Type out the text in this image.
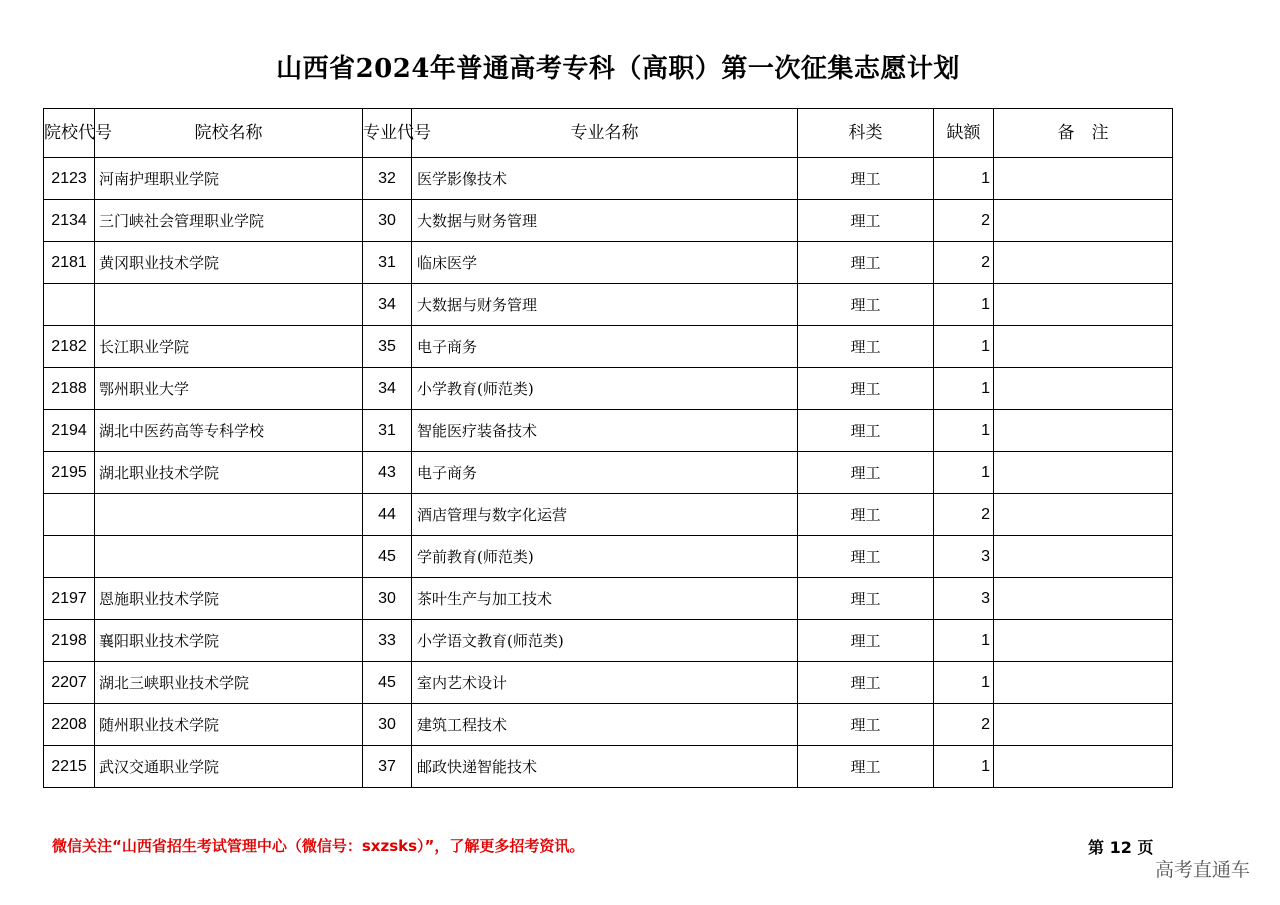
山西省2024年普通高考专科（高职）第一次征集志愿计划
院校代号	院校名称	专业代号	专业名称	科类	缺额	备　注
2123	河南护理职业学院	32	医学影像技术	理工	1	
2134	三门峡社会管理职业学院	30	大数据与财务管理	理工	2	
2181	黄冈职业技术学院	31	临床医学	理工	2	
		34	大数据与财务管理	理工	1	
2182	长江职业学院	35	电子商务	理工	1	
2188	鄂州职业大学	34	小学教育(师范类)	理工	1	
2194	湖北中医药高等专科学校	31	智能医疗装备技术	理工	1	
2195	湖北职业技术学院	43	电子商务	理工	1	
		44	酒店管理与数字化运营	理工	2	
		45	学前教育(师范类)	理工	3	
2197	恩施职业技术学院	30	茶叶生产与加工技术	理工	3	
2198	襄阳职业技术学院	33	小学语文教育(师范类)	理工	1	
2207	湖北三峡职业技术学院	45	室内艺术设计	理工	1	
2208	随州职业技术学院	30	建筑工程技术	理工	2	
2215	武汉交通职业学院	37	邮政快递智能技术	理工	1	
微信关注“山西省招生考试管理中心（微信号：sxzsks）”，了解更多招考资讯。	第 12 页
高考直通车
